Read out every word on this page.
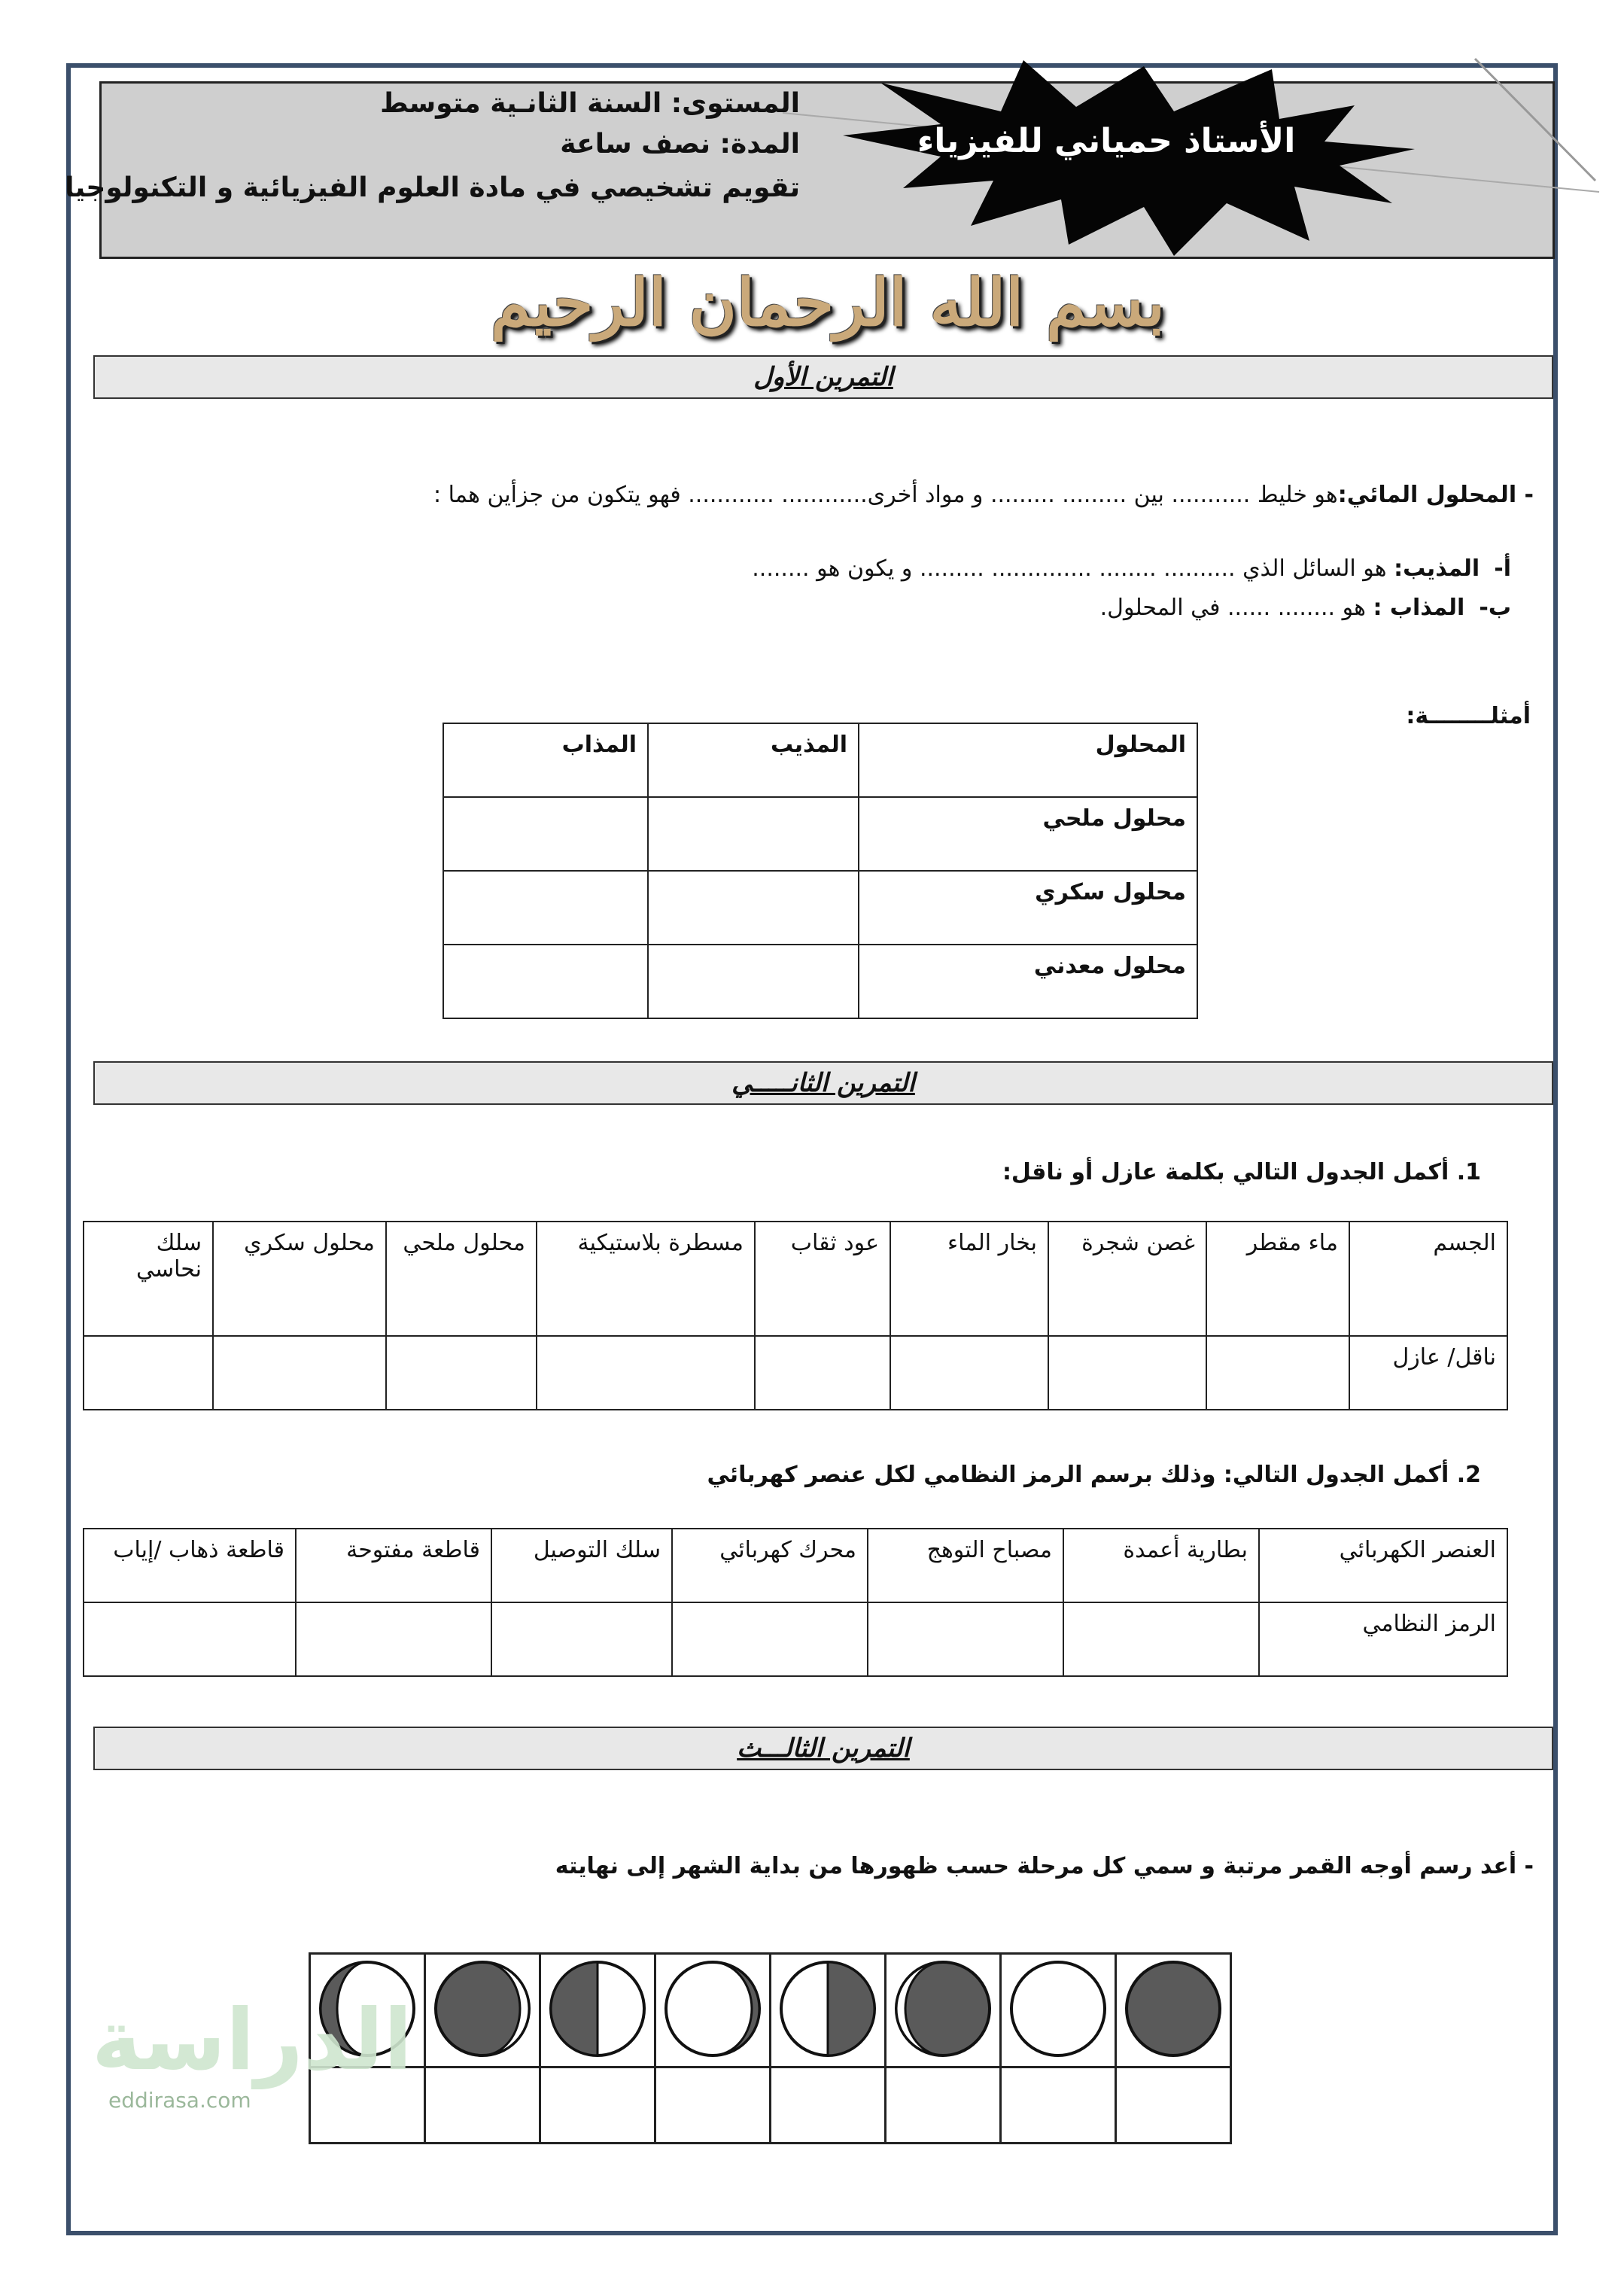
المستوى: السنة الثانـية متوسط
المدة: نصف ساعة
تقويم تشخيصي في مادة العلوم الفيزيائية و التكنولوجيا
الأستاذ حمياني للفيزياء
بسم الله الرحمان الرحيم
التمرين الأول
- المحلول المائي:هو خليط ........... بين ......... ......... و مواد أخرى............ ............ فهو يتكون من جزأين هما :
أ-  المذيب: هو السائل الذي .......... ........ .............. ......... و يكون هو ........
ب-  المذاب : هو ........ ...... في المحلول.
أمثلــــــــة:
المحلول	المذيب	المذاب
محلول ملحي		
محلول سكري		
محلول معدني		
التمرين الثانـــــي
1. أكمل الجدول التالي بكلمة عازل أو ناقل:
الجسم	ماء مقطر	غصن شجرة	بخار الماء	عود ثقاب	مسطرة بلاستيكية	محلول ملحي	محلول سكري	سلك نحاسي
ناقل/ عازل								
2. أكمل الجدول التالي: وذلك برسم الرمز النظامي لكل عنصر كهربائي
العنصر الكهربائي	بطارية أعمدة	مصباح التوهج	محرك كهربائي	سلك التوصيل	قاطعة مفتوحة	قاطعة ذهاب /إياب
الرمز النظامي						
التمرين الثالـــث
- أعد رسم أوجه القمر مرتبة و سمي كل مرحلة حسب ظهورها من بداية الشهر إلى نهايته

الدراسة
eddirasa.com
